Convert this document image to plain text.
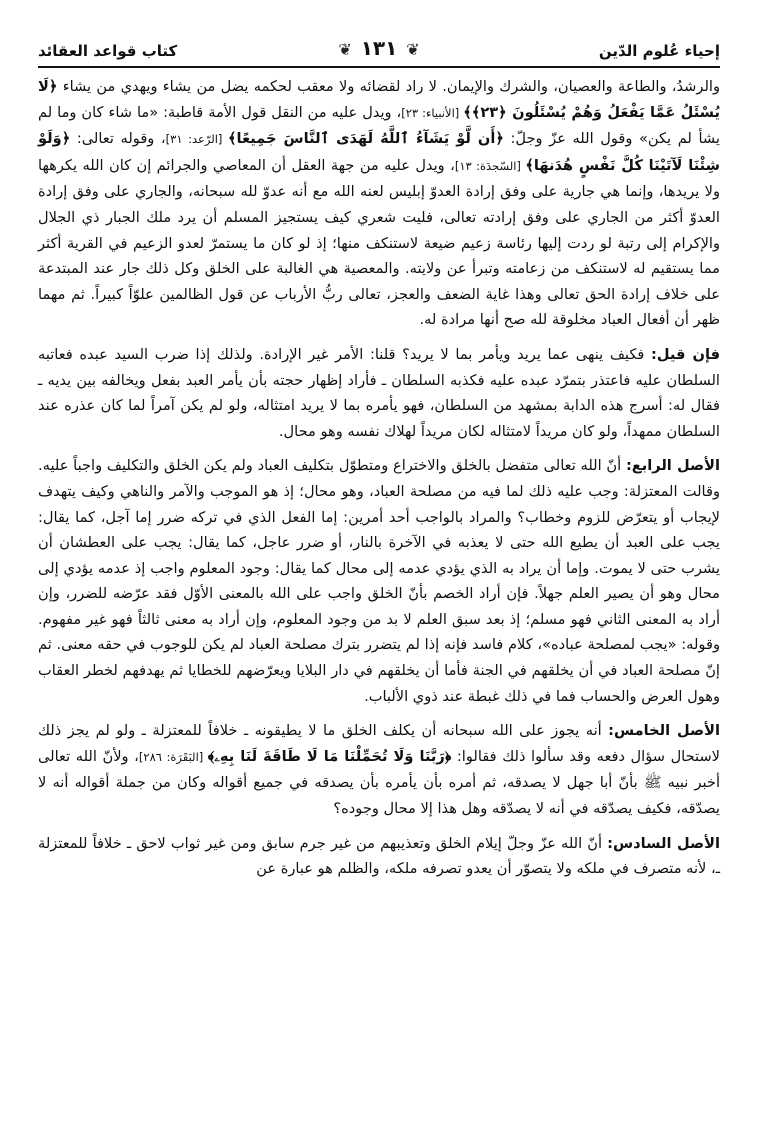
إحياء عُلوم الدّين
❦ ١٣١ ❦
كتاب قواعد العقائد

والرشدُ، والطاعة والعصيان، والشرك والإيمان. لا راد لقضائه ولا معقب لحكمه يضل من يشاء ويهدي من يشاء ﴿لَا يُسْئَلُ عَمَّا يَفْعَلُ وَهُمْ يُسْئَلُونَ ﴿٢٣﴾﴾ [الأنبياء: ٢٣]، ويدل عليه من النقل قول الأمة قاطبة: «ما شاء كان وما لم يشأ لم يكن» وقول الله عزّ وجلّ: ﴿أَن لَّوْ يَشَآءُ ٱللَّهُ لَهَدَى ٱلنَّاسَ جَمِيعًا﴾ [الرّعد: ٣١]، وقوله تعالى: ﴿وَلَوْ شِئْنَا لَآتَيْنَا كُلَّ نَفْسٍ هُدَنهَا﴾ [السّجدَة: ١٣]، ويدل عليه من جهة العقل أن المعاصي والجرائم إن كان الله يكرهها ولا يريدها، وإنما هي جارية على وفق إرادة العدوّ إبليس لعنه الله مع أنه عدوّ لله سبحانه، والجاري على وفق إرادة العدوّ أكثر من الجاري على وفق إرادته تعالى، فليت شعري كيف يستجيز المسلم أن يرد ملك الجبار ذي الجلال والإكرام إلى رتبة لو ردت إليها رئاسة زعيم ضيعة لاستنكف منها؛ إذ لو كان ما يستمرّ لعدو الزعيم في القرية أكثر مما يستقيم له لاستنكف من زعامته وتبرأ عن ولايته. والمعصية هي الغالبة على الخلق وكل ذلك جار عند المبتدعة على خلاف إرادة الحق تعالى وهذا غاية الضعف والعجز، تعالى ربُّ الأرباب عن قول الظالمين علوّاً كبيراً. ثم مهما ظهر أن أفعال العباد مخلوقة لله صح أنها مرادة له.

فإن قيل: فكيف ينهى عما يريد ويأمر بما لا يريد؟ قلنا: الأمر غير الإرادة. ولذلك إذا ضرب السيد عبده فعاتبه السلطان عليه فاعتذر بتمرّد عبده عليه فكذبه السلطان ـ فأراد إظهار حجته بأن يأمر العبد بفعل ويخالفه بين يديه ـ فقال له: أسرج هذه الدابة بمشهد من السلطان، فهو يأمره بما لا يريد امتثاله، ولو لم يكن آمراً لما كان عذره عند السلطان ممهداً، ولو كان مريداً لامتثاله لكان مريداً لهلاك نفسه وهو محال.

الأصل الرابع: أنّ الله تعالى متفضل بالخلق والاختراع ومتطوّل بتكليف العباد ولم يكن الخلق والتكليف واجباً عليه. وقالت المعتزلة: وجب عليه ذلك لما فيه من مصلحة العباد، وهو محال؛ إذ هو الموجب والآمر والناهي وكيف يتهدف لإيجاب أو يتعرّض للزوم وخطاب؟ والمراد بالواجب أحد أمرين: إما الفعل الذي في تركه ضرر إما آجل، كما يقال: يجب على العبد أن يطيع الله حتى لا يعذبه في الآخرة بالنار، أو ضرر عاجل، كما يقال: يجب على العطشان أن يشرب حتى لا يموت. وإما أن يراد به الذي يؤدي عدمه إلى محال كما يقال: وجود المعلوم واجب إذ عدمه يؤدي إلى محال وهو أن يصير العلم جهلاً. فإن أراد الخصم بأنّ الخلق واجب على الله بالمعنى الأوّل فقد عرّضه للضرر، وإن أراد به المعنى الثاني فهو مسلم؛ إذ بعد سبق العلم لا بد من وجود المعلوم، وإن أراد به معنى ثالثاً فهو غير مفهوم. وقوله: «يجب لمصلحة عباده»، كلام فاسد فإنه إذا لم يتضرر بترك مصلحة العباد لم يكن للوجوب في حقه معنى. ثم إنّ مصلحة العباد في أن يخلقهم في الجنة فأما أن يخلقهم في دار البلايا ويعرّضهم للخطايا ثم يهدفهم لخطر العقاب وهول العرض والحساب فما في ذلك غبطة عند ذوي الألباب.

الأصل الخامس: أنه يجوز على الله سبحانه أن يكلف الخلق ما لا يطيقونه ـ خلافاً للمعتزلة ـ ولو لم يجز ذلك لاستحال سؤال دفعه وقد سألوا ذلك فقالوا: ﴿رَبَّنَا وَلَا تُحَمِّلْنَا مَا لَا طَاقَةَ لَنَا بِهِۦ﴾ [البَقَرَة: ٢٨٦]، ولأنّ الله تعالى أخبر نبيه ﷺ بأنّ أبا جهل لا يصدقه، ثم أمره بأن يأمره بأن يصدقه في جميع أقواله وكان من جملة أقواله أنه لا يصدّقه، فكيف يصدّقه في أنه لا يصدّقه وهل هذا إلا محال وجوده؟

الأصل السادس: أنّ الله عزّ وجلّ إيلام الخلق وتعذيبهم من غير جرم سابق ومن غير ثواب لاحق ـ خلافاً للمعتزلة ـ، لأنه متصرف في ملكه ولا يتصوّر أن يعدو تصرفه ملكه، والظلم هو عبارة عن
